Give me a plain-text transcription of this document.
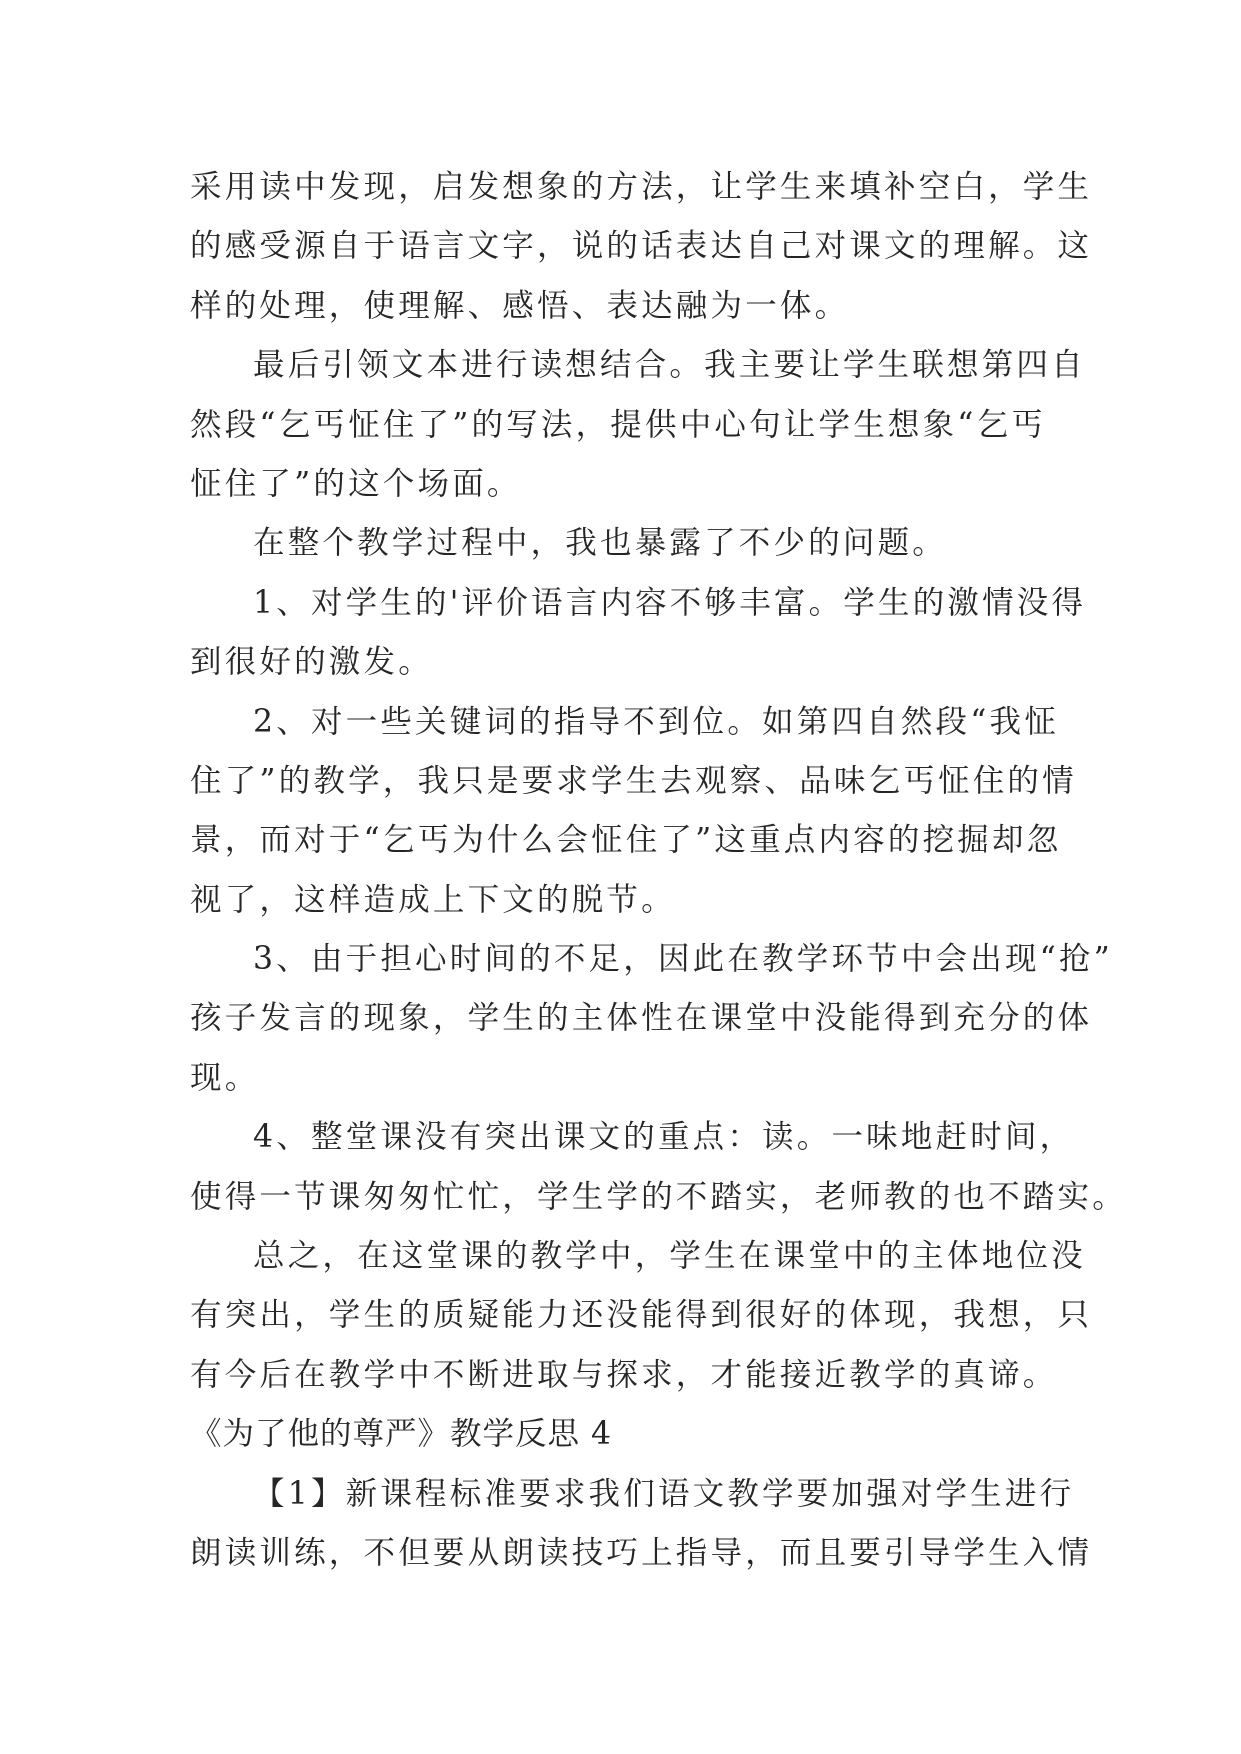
采用读中发现，启发想象的方法，让学生来填补空白，学生
的感受源自于语言文字，说的话表达自己对课文的理解。这
样的处理，使理解、感悟、表达融为一体。
最后引领文本进行读想结合。我主要让学生联想第四自
然段“乞丐怔住了”的写法，提供中心句让学生想象“乞丐
怔住了”的这个场面。
在整个教学过程中，我也暴露了不少的问题。
1、对学生的'评价语言内容不够丰富。学生的激情没得
到很好的激发。
2、对一些关键词的指导不到位。如第四自然段“我怔
住了”的教学，我只是要求学生去观察、品味乞丐怔住的情
景，而对于“乞丐为什么会怔住了”这重点内容的挖掘却忽
视了，这样造成上下文的脱节。
3、由于担心时间的不足，因此在教学环节中会出现“抢”
孩子发言的现象，学生的主体性在课堂中没能得到充分的体
现。
4、整堂课没有突出课文的重点：读。一味地赶时间，
使得一节课匆匆忙忙，学生学的不踏实，老师教的也不踏实。
总之，在这堂课的教学中，学生在课堂中的主体地位没
有突出，学生的质疑能力还没能得到很好的体现，我想，只
有今后在教学中不断进取与探求，才能接近教学的真谛。
《为了他的尊严》教学反思 4
【1】新课程标准要求我们语文教学要加强对学生进行
朗读训练，不但要从朗读技巧上指导，而且要引导学生入情
